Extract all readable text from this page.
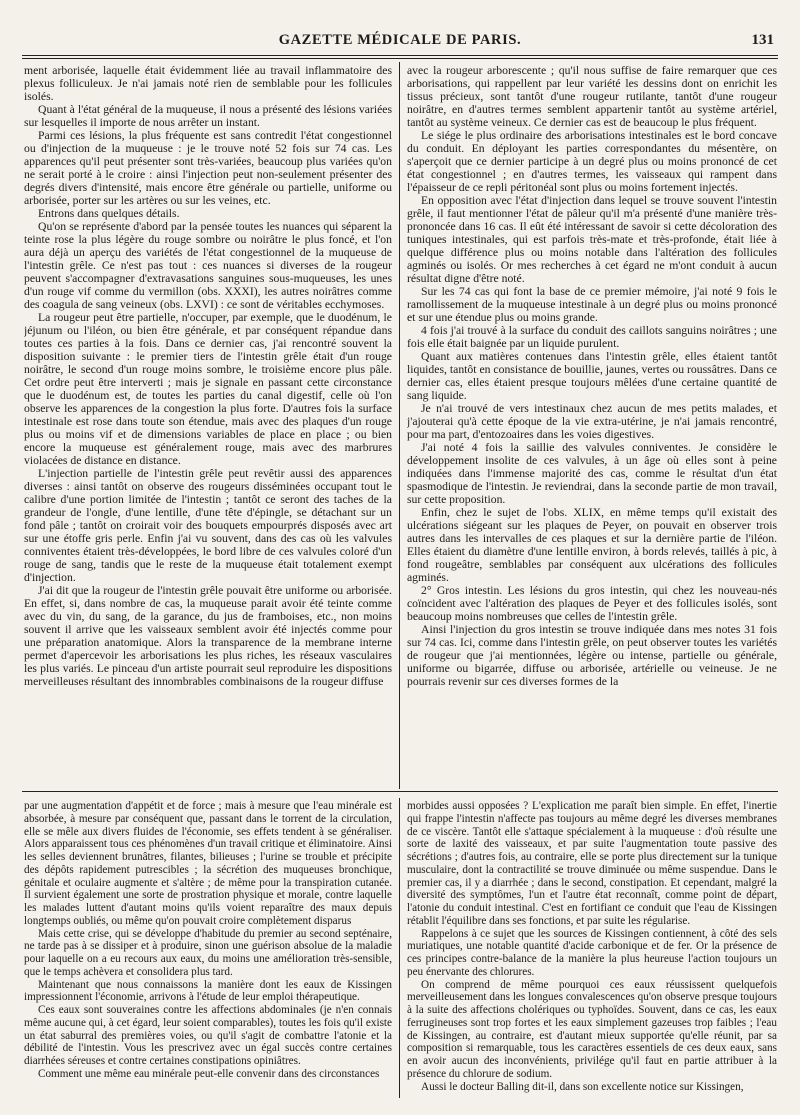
GAZETTE MÉDICALE DE PARIS.	131

ment arborisée, laquelle était évidemment liée au travail inflammatoire des plexus folliculeux. Je n'ai jamais noté rien de semblable pour les follicules isolés.

Quant à l'état général de la muqueuse, il nous a présenté des lésions variées sur lesquelles il importe de nous arrêter un instant.

Parmi ces lésions, la plus fréquente est sans contredit l'état congestionnel ou d'injection de la muqueuse : je le trouve noté 52 fois sur 74 cas. Les apparences qu'il peut présenter sont très-variées, beaucoup plus variées qu'on ne serait porté à le croire : ainsi l'injection peut non-seulement présenter des degrés divers d'intensité, mais encore être générale ou partielle, uniforme ou arborisée, porter sur les artères ou sur les veines, etc.

Entrons dans quelques détails.

Qu'on se représente d'abord par la pensée toutes les nuances qui séparent la teinte rose la plus légère du rouge sombre ou noirâtre le plus foncé, et l'on aura déjà un aperçu des variétés de l'état congestionnel de la muqueuse de l'intestin grêle. Ce n'est pas tout : ces nuances si diverses de la rougeur peuvent s'accompagner d'extravasations sanguines sous-muqueuses, les unes d'un rouge vif comme du vermillon (obs. XXXI), les autres noirâtres comme des coagula de sang veineux (obs. LXVI) : ce sont de véritables ecchymoses.

La rougeur peut être partielle, n'occuper, par exemple, que le duodénum, le jéjunum ou l'iléon, ou bien être générale, et par conséquent répandue dans toutes ces parties à la fois. Dans ce dernier cas, j'ai rencontré souvent la disposition suivante : le premier tiers de l'intestin grêle était d'un rouge noirâtre, le second d'un rouge moins sombre, le troisième encore plus pâle. Cet ordre peut être interverti ; mais je signale en passant cette circonstance que le duodénum est, de toutes les parties du canal digestif, celle où l'on observe les apparences de la congestion la plus forte. D'autres fois la surface intestinale est rose dans toute son étendue, mais avec des plaques d'un rouge plus ou moins vif et de dimensions variables de place en place ; ou bien encore la muqueuse est généralement rouge, mais avec des marbrures violacées de distance en distance.

L'injection partielle de l'intestin grêle peut revêtir aussi des apparences diverses : ainsi tantôt on observe des rougeurs disséminées occupant tout le calibre d'une portion limitée de l'intestin ; tantôt ce seront des taches de la grandeur de l'ongle, d'une lentille, d'une tête d'épingle, se détachant sur un fond pâle ; tantôt on croirait voir des bouquets empourprés disposés avec art sur une étoffe gris perle. Enfin j'ai vu souvent, dans des cas où les valvules conniventes étaient très-développées, le bord libre de ces valvules coloré d'un rouge de sang, tandis que le reste de la muqueuse était totalement exempt d'injection.

J'ai dit que la rougeur de l'intestin grêle pouvait être uniforme ou arborisée. En effet, si, dans nombre de cas, la muqueuse parait avoir été teinte comme avec du vin, du sang, de la garance, du jus de framboises, etc., non moins souvent il arrive que les vaisseaux semblent avoir été injectés comme pour une préparation anatomique. Alors la transparence de la membrane interne permet d'apercevoir les arborisations les plus riches, les réseaux vasculaires les plus variés. Le pinceau d'un artiste pourrait seul reproduire les dispositions merveilleuses résultant des innombrables combinaisons de la rougeur diffuse

avec la rougeur arborescente ; qu'il nous suffise de faire remarquer que ces arborisations, qui rappellent par leur variété les dessins dont on enrichit les tissus précieux, sont tantôt d'une rougeur rutilante, tantôt d'une rougeur noirâtre, en d'autres termes semblent appartenir tantôt au système artériel, tantôt au système veineux. Ce dernier cas est de beaucoup le plus fréquent.

Le siége le plus ordinaire des arborisations intestinales est le bord concave du conduit. En déployant les parties correspondantes du mésentère, on s'aperçoit que ce dernier participe à un degré plus ou moins prononcé de cet état congestionnel ; en d'autres termes, les vaisseaux qui rampent dans l'épaisseur de ce repli péritonéal sont plus ou moins fortement injectés.

En opposition avec l'état d'injection dans lequel se trouve souvent l'intestin grêle, il faut mentionner l'état de pâleur qu'il m'a présenté d'une manière très-prononcée dans 16 cas. Il eût été intéressant de savoir si cette décoloration des tuniques intestinales, qui est parfois très-mate et très-profonde, était liée à quelque différence plus ou moins notable dans l'altération des follicules agminés ou isolés. Or mes recherches à cet égard ne m'ont conduit à aucun résultat digne d'être noté.

Sur les 74 cas qui font la base de ce premier mémoire, j'ai noté 9 fois le ramollissement de la muqueuse intestinale à un degré plus ou moins prononcé et sur une étendue plus ou moins grande.

4 fois j'ai trouvé à la surface du conduit des caillots sanguins noirâtres ; une fois elle était baignée par un liquide purulent.

Quant aux matières contenues dans l'intestin grêle, elles étaient tantôt liquides, tantôt en consistance de bouillie, jaunes, vertes ou roussâtres. Dans ce dernier cas, elles étaient presque toujours mêlées d'une certaine quantité de sang liquide.

Je n'ai trouvé de vers intestinaux chez aucun de mes petits malades, et j'ajouterai qu'à cette époque de la vie extra-utérine, je n'ai jamais rencontré, pour ma part, d'entozoaires dans les voies digestives.

J'ai noté 4 fois la saillie des valvules conniventes. Je considère le développement insolite de ces valvules, à un âge où elles sont à peine indiquées dans l'immense majorité des cas, comme le résultat d'un état spasmodique de l'intestin. Je reviendrai, dans la seconde partie de mon travail, sur cette proposition.

Enfin, chez le sujet de l'obs. XLIX, en même temps qu'il existait des ulcérations siégeant sur les plaques de Peyer, on pouvait en observer trois autres dans les intervalles de ces plaques et sur la dernière partie de l'iléon. Elles étaient du diamètre d'une lentille environ, à bords relevés, taillés à pic, à fond rougeâtre, semblables par conséquent aux ulcérations des follicules agminés.

2° Gros intestin. Les lésions du gros intestin, qui chez les nouveau-nés coïncident avec l'altération des plaques de Peyer et des follicules isolés, sont beaucoup moins nombreuses que celles de l'intestin grêle.

Ainsi l'injection du gros intestin se trouve indiquée dans mes notes 31 fois sur 74 cas. Ici, comme dans l'intestin grêle, on peut observer toutes les variétés de rougeur que j'ai mentionnées, légère ou intense, partielle ou générale, uniforme ou bigarrée, diffuse ou arborisée, artérielle ou veineuse. Je ne pourrais revenir sur ces diverses formes de la

par une augmentation d'appétit et de force ; mais à mesure que l'eau minérale est absorbée, à mesure par conséquent que, passant dans le torrent de la circulation, elle se mêle aux divers fluides de l'économie, ses effets tendent à se généraliser. Alors apparaissent tous ces phénomènes d'un travail critique et éliminatoire. Ainsi les selles deviennent brunâtres, filantes, bilieuses ; l'urine se trouble et précipite des dépôts rapidement putrescibles ; la sécrétion des muqueuses bronchique, génitale et oculaire augmente et s'altère ; de même pour la transpiration cutanée. Il survient également une sorte de prostration physique et morale, contre laquelle les malades luttent d'autant moins qu'ils voient reparaître des maux depuis longtemps oubliés, ou même qu'on pouvait croire complètement disparus

Mais cette crise, qui se développe d'habitude du premier au second septénaire, ne tarde pas à se dissiper et à produire, sinon une guérison absolue de la maladie pour laquelle on a eu recours aux eaux, du moins une amélioration très-sensible, que le temps achèvera et consolidera plus tard.

Maintenant que nous connaissons la manière dont les eaux de Kissingen impressionnent l'économie, arrivons à l'étude de leur emploi thérapeutique.

Ces eaux sont souveraines contre les affections abdominales (je n'en connais même aucune qui, à cet égard, leur soient comparables), toutes les fois qu'il existe un état saburral des premières voies, ou qu'il s'agit de combattre l'atonie et la débilité de l'intestin. Vous les prescrivez avec un égal succès contre certaines diarrhées séreuses et contre certaines constipations opiniâtres.

Comment une même eau minérale peut-elle convenir dans des circonstances

morbides aussi opposées ? L'explication me paraît bien simple. En effet, l'inertie qui frappe l'intestin n'affecte pas toujours au même degré les diverses membranes de ce viscère. Tantôt elle s'attaque spécialement à la muqueuse : d'où résulte une sorte de laxité des vaisseaux, et par suite l'augmentation toute passive des sécrétions ; d'autres fois, au contraire, elle se porte plus directement sur la tunique musculaire, dont la contractilité se trouve diminuée ou même suspendue. Dans le premier cas, il y a diarrhée ; dans le second, constipation. Et cependant, malgré la diversité des symptômes, l'un et l'autre état reconnaît, comme point de départ, l'atonie du conduit intestinal. C'est en fortifiant ce conduit que l'eau de Kissingen rétablit l'équilibre dans ses fonctions, et par suite les régularise.

Rappelons à ce sujet que les sources de Kissingen contiennent, à côté des sels muriatiques, une notable quantité d'acide carbonique et de fer. Or la présence de ces principes contre-balance de la manière la plus heureuse l'action toujours un peu énervante des chlorures.

On comprend de même pourquoi ces eaux réussissent quelquefois merveilleusement dans les longues convalescences qu'on observe presque toujours à la suite des affections cholériques ou typhoïdes. Souvent, dans ce cas, les eaux ferrugineuses sont trop fortes et les eaux simplement gazeuses trop faibles ; l'eau de Kissingen, au contraire, est d'autant mieux supportée qu'elle réunit, par sa composition si remarquable, tous les caractères essentiels de ces deux eaux, sans en avoir aucun des inconvénients, privilége qu'il faut en partie attribuer à la présence du chlorure de sodium.

Aussi le docteur Balling dit-il, dans son excellente notice sur Kissingen,
